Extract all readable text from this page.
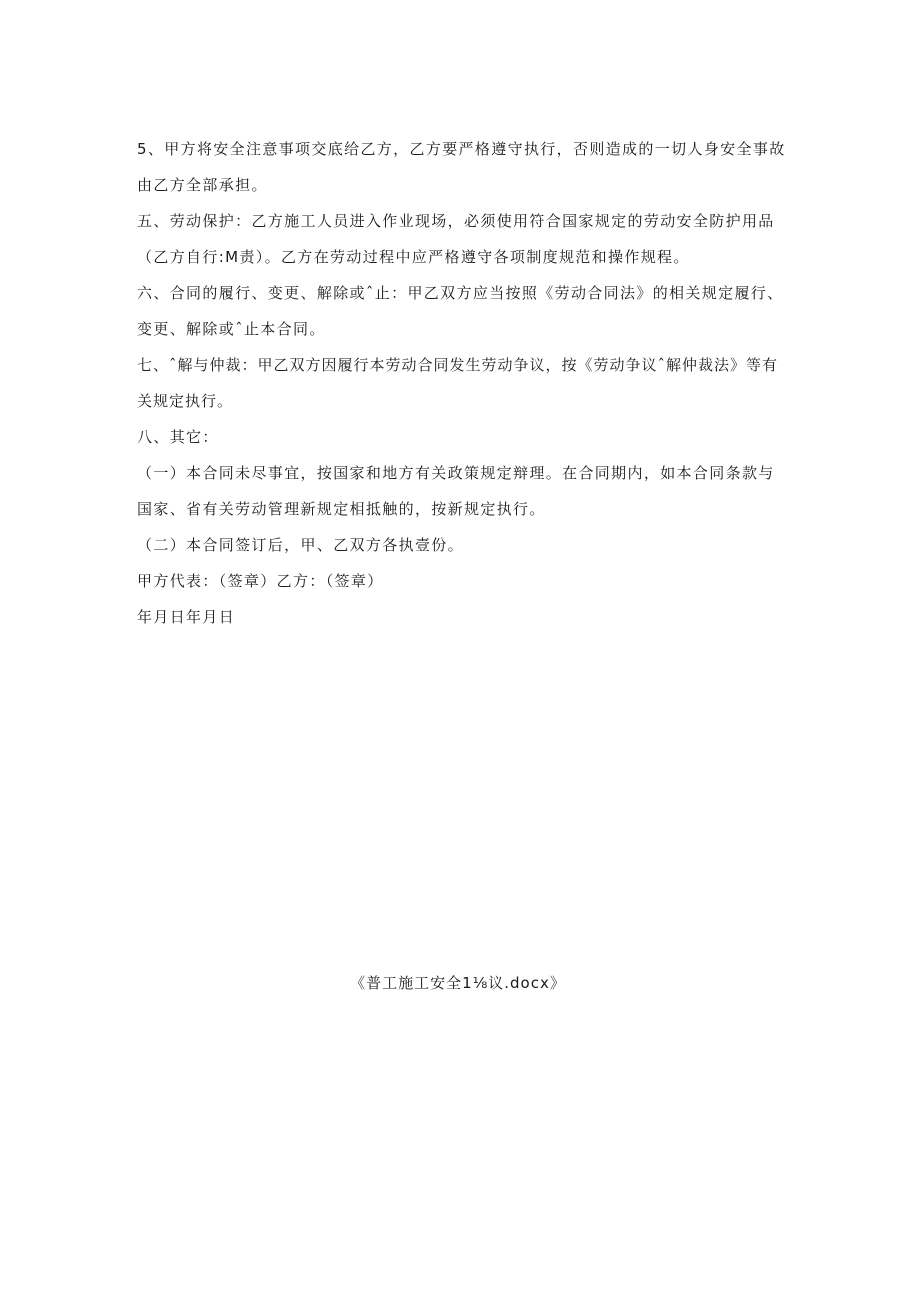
5、甲方将安全注意事项交底给乙方，乙方要严格遵守执行，否则造成的一切人身安全事故由乙方全部承担。

五、劳动保护：乙方施工人员进入作业现场，必须使用符合国家规定的劳动安全防护用品（乙方自行:M责）。乙方在劳动过程中应严格遵守各项制度规范和操作规程。

六、合同的履行、变更、解除或ˆ止：甲乙双方应当按照《劳动合同法》的相关规定履行、变更、解除或ˆ止本合同。

七、ˆ解与仲裁：甲乙双方因履行本劳动合同发生劳动争议，按《劳动争议ˆ解仲裁法》等有关规定执行。

八、其它：

（一）本合同未尽事宜，按国家和地方有关政策规定辩理。在合同期内，如本合同条款与国家、省有关劳动管理新规定相抵触的，按新规定执行。

（二）本合同签订后，甲、乙双方各执壹份。

甲方代表：（签章）乙方：（签章）

年月日年月日

《普工施工安全1⅛议.docx》
